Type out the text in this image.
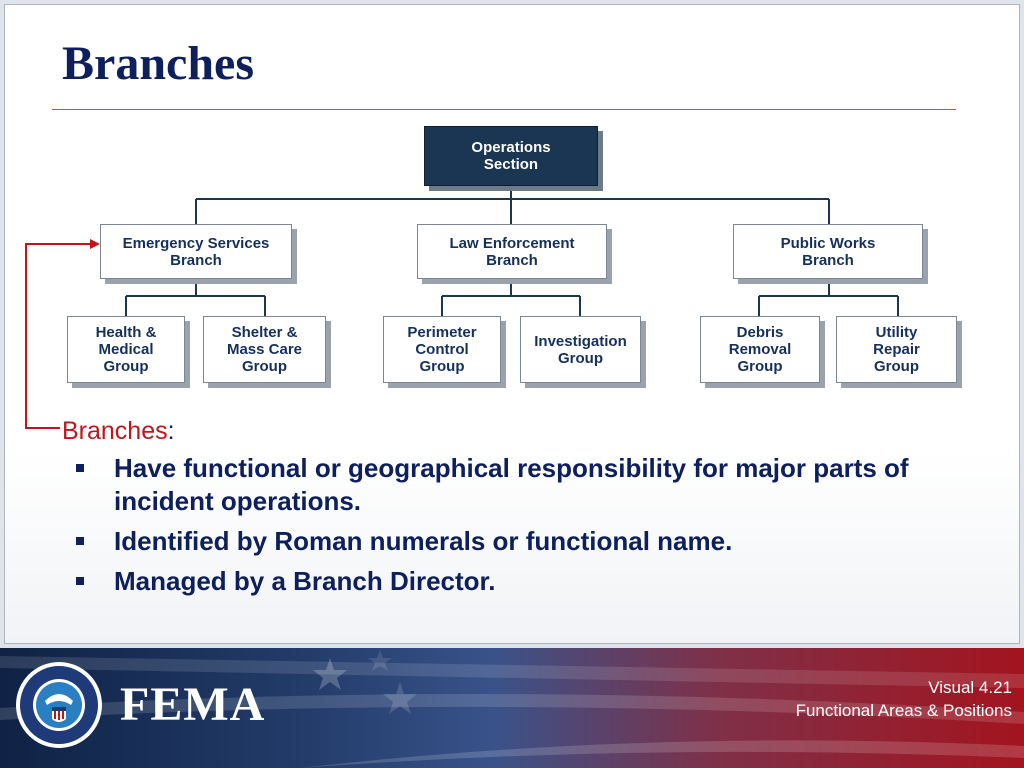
Branches
Operations
Section
Emergency Services
Branch
Law Enforcement
Branch
Public Works
Branch
Health &
Medical
Group
Shelter &
Mass Care
Group
Perimeter
Control
Group
Investigation
Group
Debris
Removal
Group
Utility
Repair
Group
Branches:
Have functional or geographical responsibility for major parts of incident operations.
Identified by Roman numerals or functional name.
Managed by a Branch Director.
FEMA	Visual 4.21
Functional Areas & Positions
